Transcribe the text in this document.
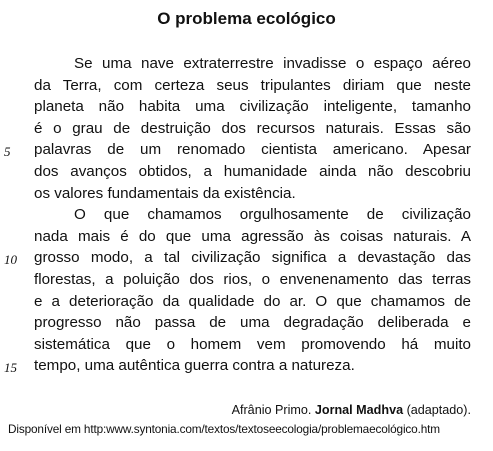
O problema ecológico
5
10
15
Se uma nave extraterrestre invadisse o espaço aéreo
da Terra, com certeza seus tripulantes diriam que neste
planeta não habita uma civilização inteligente, tamanho
é o grau de destruição dos recursos naturais. Essas são
palavras de um renomado cientista americano. Apesar
dos avanços obtidos, a humanidade ainda não descobriu
os valores fundamentais da existência.
O que chamamos orgulhosamente de civilização
nada mais é do que uma agressão às coisas naturais. A
grosso modo, a tal civilização significa a devastação das
florestas, a poluição dos rios, o envenenamento das terras
e a deterioração da qualidade do ar. O que chamamos de
progresso não passa de uma degradação deliberada e
sistemática que o homem vem promovendo há muito
tempo, uma autêntica guerra contra a natureza.
Afrânio Primo. Jornal Madhva (adaptado).
Disponível em http:www.syntonia.com/textos/textoseecologia/problemaecológico.htm
